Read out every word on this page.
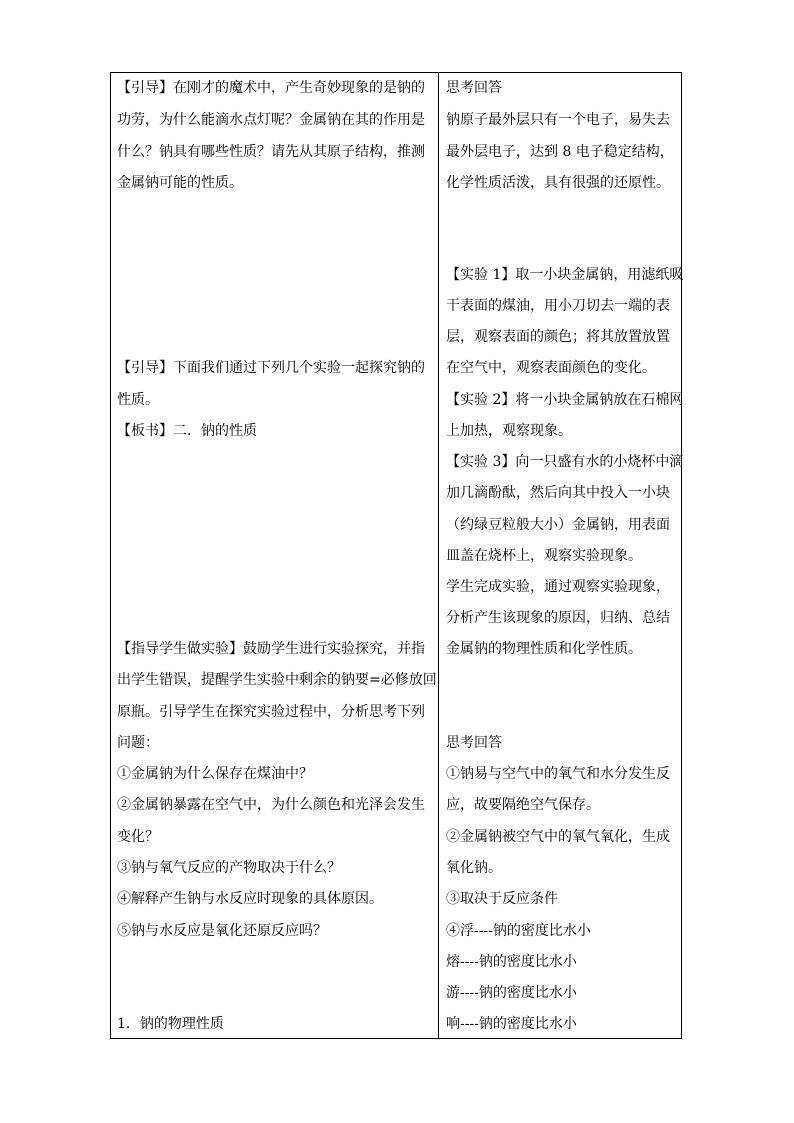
【引导】在刚才的魔术中，产生奇妙现象的是钠的
功劳，为什么能滴水点灯呢？金属钠在其的作用是
什么？钠具有哪些性质？请先从其原子结构，推测
金属钠可能的性质。
【引导】下面我们通过下列几个实验一起探究钠的
性质。
【板书】二．钠的性质
【指导学生做实验】鼓励学生进行实验探究，并指
出学生错误，提醒学生实验中剩余的钠要=必修放回
原瓶。引导学生在探究实验过程中，分析思考下列
问题：
①金属钠为什么保存在煤油中？
②金属钠暴露在空气中，为什么颜色和光泽会发生
变化？
③钠与氧气反应的产物取决于什么？
④解释产生钠与水反应时现象的具体原因。
⑤钠与水反应是氧化还原反应吗？
1．钠的物理性质
思考回答
钠原子最外层只有一个电子，易失去
最外层电子，达到 8 电子稳定结构，
化学性质活泼，具有很强的还原性。
【实验 1】取一小块金属钠，用滤纸吸
干表面的煤油，用小刀切去一端的表
层，观察表面的颜色；将其放置放置
在空气中，观察表面颜色的变化。
【实验 2】将一小块金属钠放在石棉网
上加热，观察现象。
【实验 3】向一只盛有水的小烧杯中滴
加几滴酚酞，然后向其中投入一小块
（约绿豆粒般大小）金属钠，用表面
皿盖在烧杯上，观察实验现象。
学生完成实验，通过观察实验现象，
分析产生该现象的原因，归纳、总结
金属钠的物理性质和化学性质。
思考回答
①钠易与空气中的氧气和水分发生反
应，故要隔绝空气保存。
②金属钠被空气中的氧气氧化，生成
氧化钠。
③取决于反应条件
④浮----钠的密度比水小
熔----钠的密度比水小
游----钠的密度比水小
响----钠的密度比水小
